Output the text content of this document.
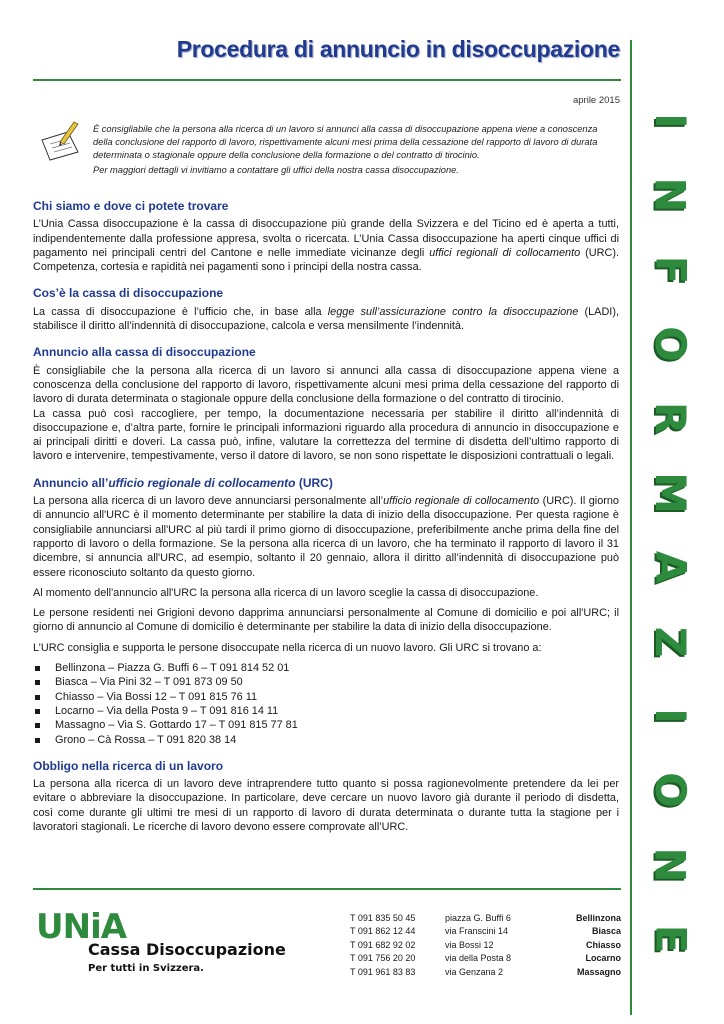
Procedura di annuncio in disoccupazione
I
N
F
O
R
M
A
Z
I
O
N
E
aprile 2015

È consigliabile che la persona alla ricerca di un lavoro si annunci alla cassa di disoccupazione appena viene a conoscenza della conclusione del rapporto di lavoro, rispettivamente alcuni mesi prima della cessazione del rapporto di lavoro di durata determinata o stagionale oppure della conclusione della formazione o del contratto di tirocinio.

Per maggiori dettagli vi invitiamo a contattare gli uffici della nostra cassa disoccupazione.

Chi siamo e dove ci potete trovare

L’Unia Cassa disoccupazione è la cassa di disoccupazione più grande della Svizzera e del Ticino ed è aperta a tutti, indipendentemente dalla professione appresa, svolta o ricercata. L’Unia Cassa disoccupazione ha aperti cinque uffici di pagamento nei principali centri del Cantone e nelle immediate vicinanze degli uffici regionali di collocamento (URC). Competenza, cortesia e rapidità nei pagamenti sono i principi della nostra cassa.

Cos’è la cassa di disoccupazione

La cassa di disoccupazione è l’ufficio che, in base alla legge sull’assicurazione contro la disoccupazione (LADI), stabilisce il diritto all’indennità di disoccupazione, calcola e versa mensilmente l’indennità.

Annuncio alla cassa di disoccupazione

È consigliabile che la persona alla ricerca di un lavoro si annunci alla cassa di disoccupazione appena viene a conoscenza della conclusione del rapporto di lavoro, rispettivamente alcuni mesi prima della cessazione del rapporto di lavoro di durata determinata o stagionale oppure della conclusione della formazione o del contratto di tirocinio.

La cassa può così raccogliere, per tempo, la documentazione necessaria per stabilire il diritto all’indennità di disoccupazione e, d’altra parte, fornire le principali informazioni riguardo alla procedura di annuncio in disoccupazione e ai principali diritti e doveri. La cassa può, infine, valutare la correttezza del termine di disdetta dell’ultimo rapporto di lavoro e intervenire, tempestivamente, verso il datore di lavoro, se non sono rispettate le disposizioni contrattuali o legali.

Annuncio all’ufficio regionale di collocamento (URC)

La persona alla ricerca di un lavoro deve annunciarsi personalmente all’ufficio regionale di collocamento (URC). Il giorno di annuncio all'URC è il momento determinante per stabilire la data di inizio della disoccupazione. Per questa ragione è consigliabile annunciarsi all'URC al più tardi il primo giorno di disoccupazione, preferibilmente anche prima della fine del rapporto di lavoro o della formazione. Se la persona alla ricerca di un lavoro, che ha terminato il rapporto di lavoro il 31 dicembre, si annuncia all'URC, ad esempio, soltanto il 20 gennaio, allora il diritto all’indennità di disoccupazione può essere riconosciuto soltanto da questo giorno.

Al momento dell'annuncio all'URC la persona alla ricerca di un lavoro sceglie la cassa di disoccupazione.

Le persone residenti nei Grigioni devono dapprima annunciarsi personalmente al Comune di domicilio e poi all'URC; il giorno di annuncio al Comune di domicilio è determinante per stabilire la data di inizio della disoccupazione.

L’URC consiglia e supporta le persone disoccupate nella ricerca di un nuovo lavoro. Gli URC si trovano a:

Bellinzona – Piazza G. Buffi 6 – T 091 814 52 01
Biasca – Via Pini 32 – T 091 873 09 50
Chiasso – Via Bossi 12 – T 091 815 76 11
Locarno – Via della Posta 9 – T 091 816 14 11
Massagno – Via S. Gottardo 17 – T 091 815 77 81
Grono – Cà Rossa – T 091 820 38 14
Obbligo nella ricerca di un lavoro

La persona alla ricerca di un lavoro deve intraprendere tutto quanto si possa ragionevolmente pretendere da lei per evitare o abbreviare la disoccupazione. In particolare, deve cercare un nuovo lavoro già durante il periodo di disdetta, così come durante gli ultimi tre mesi di un rapporto di lavoro di durata determinata o durante tutta la stagione per i lavoratori stagionali. Le ricerche di lavoro devono essere comprovate all’URC.

UNiA
Cassa Disoccupazione
Per tutti in Svizzera.
T 091 835 50 45	piazza G. Buffi 6	Bellinzona
T 091 862 12 44	via Franscini 14	Biasca
T 091 682 92 02	via Bossi 12	Chiasso
T 091 756 20 20	via della Posta 8	Locarno
T 091 961 83 83	via Genzana 2	Massagno
